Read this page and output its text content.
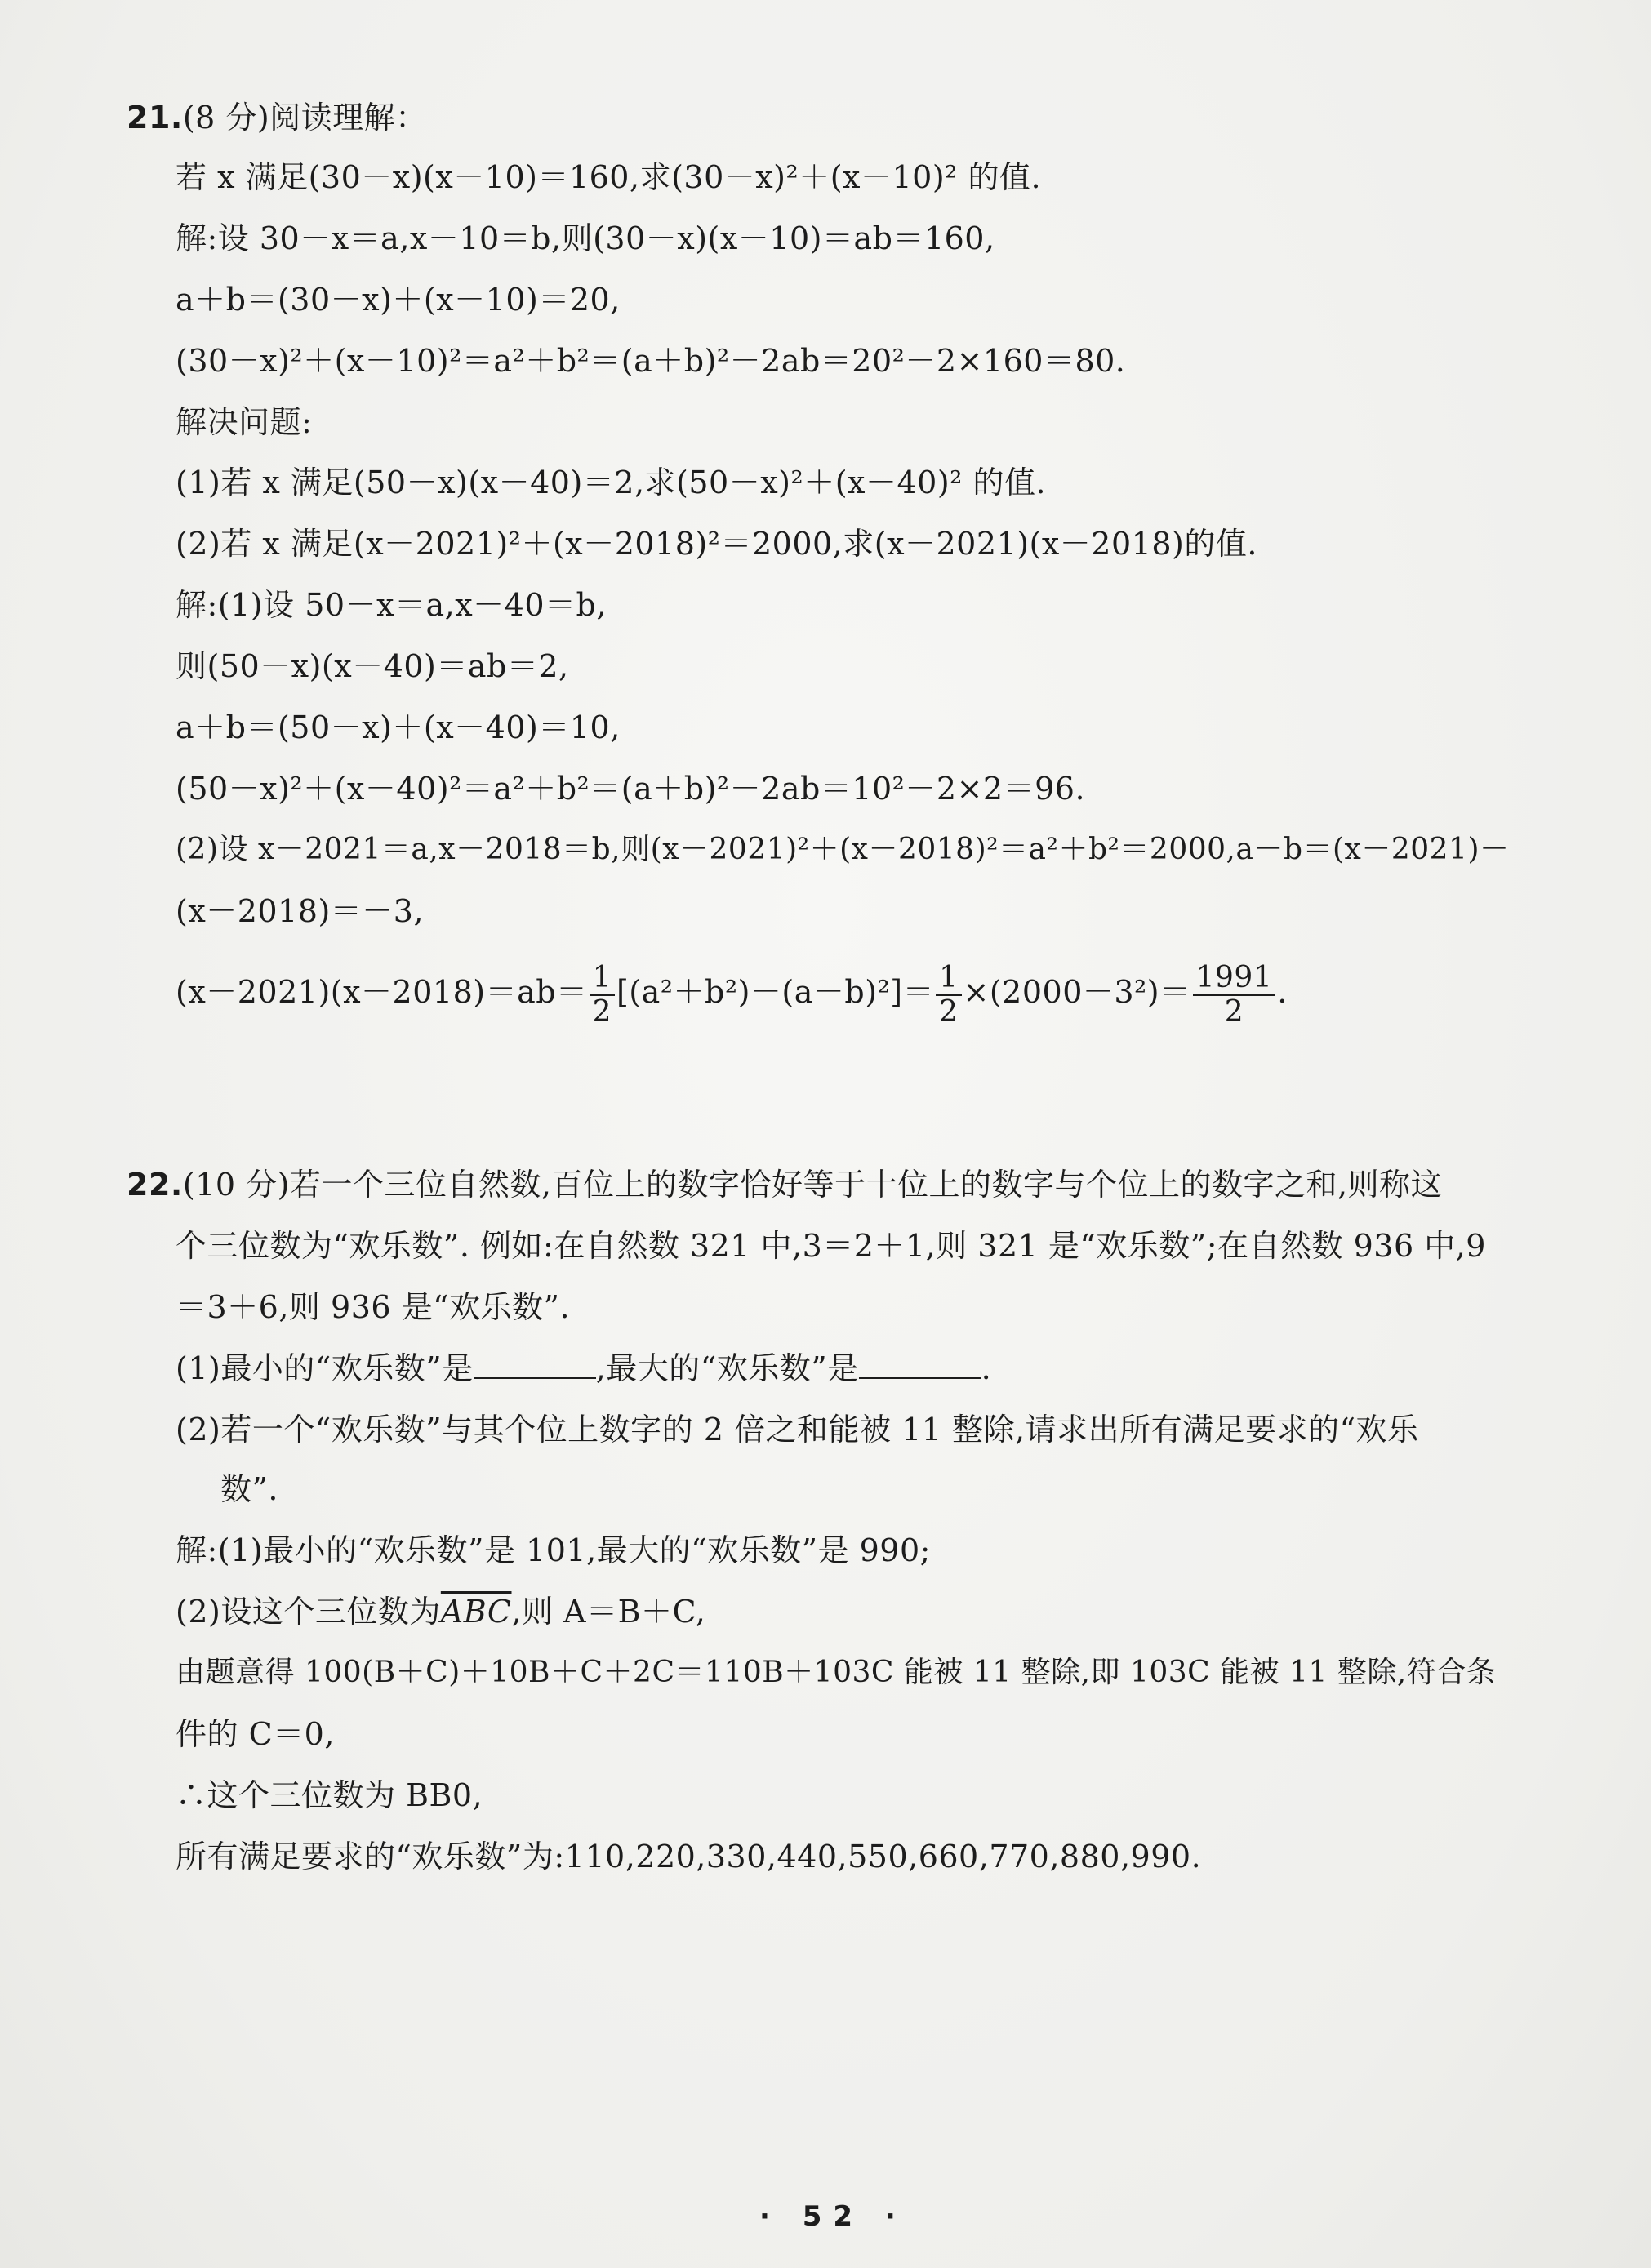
21.(8 分)阅读理解：
若 x 满足(30－x)(x－10)＝160,求(30－x)²＋(x－10)² 的值.
解:设 30－x＝a,x－10＝b,则(30－x)(x－10)＝ab＝160,
a＋b＝(30－x)＋(x－10)＝20,
(30－x)²＋(x－10)²＝a²＋b²＝(a＋b)²－2ab＝20²－2×160＝80.
解决问题:
(1)若 x 满足(50－x)(x－40)＝2,求(50－x)²＋(x－40)² 的值.
(2)若 x 满足(x－2021)²＋(x－2018)²＝2000,求(x－2021)(x－2018)的值.
解:(1)设 50－x＝a,x－40＝b,
则(50－x)(x－40)＝ab＝2,
a＋b＝(50－x)＋(x－40)＝10,
(50－x)²＋(x－40)²＝a²＋b²＝(a＋b)²－2ab＝10²－2×2＝96.
(2)设 x－2021＝a,x－2018＝b,则(x－2021)²＋(x－2018)²＝a²＋b²＝2000,a－b＝(x－2021)－
(x－2018)＝－3,
$(x-2021)(x-2018)=ab= \frac{1}{2} [(a^2+b^2)-(a-b)^2]= \frac{1}{2} \times(2000-3^2)= \frac{1991}{2}$ .
22.(10 分)若一个三位自然数,百位上的数字恰好等于十位上的数字与个位上的数字之和,则称这
个三位数为“欢乐数”. 例如:在自然数 321 中,3＝2＋1,则 321 是“欢乐数”;在自然数 936 中,9
＝3＋6,则 936 是“欢乐数”.
(1)最小的“欢乐数”是	,最大的“欢乐数”是	.
(2)若一个“欢乐数”与其个位上数字的 2 倍之和能被 11 整除,请求出所有满足要求的“欢乐
数”.
解:(1)最小的“欢乐数”是 101,最大的“欢乐数”是 990;
(2)设这个三位数为$\overline{ABC}$,则 A＝B＋C,
由题意得 100(B＋C)＋10B＋C＋2C＝110B＋103C 能被 11 整除,即 103C 能被 11 整除,符合条
件的 C＝0,
∴这个三位数为 BB0,
所有满足要求的“欢乐数”为:110,220,330,440,550,660,770,880,990.
· 52 ·
